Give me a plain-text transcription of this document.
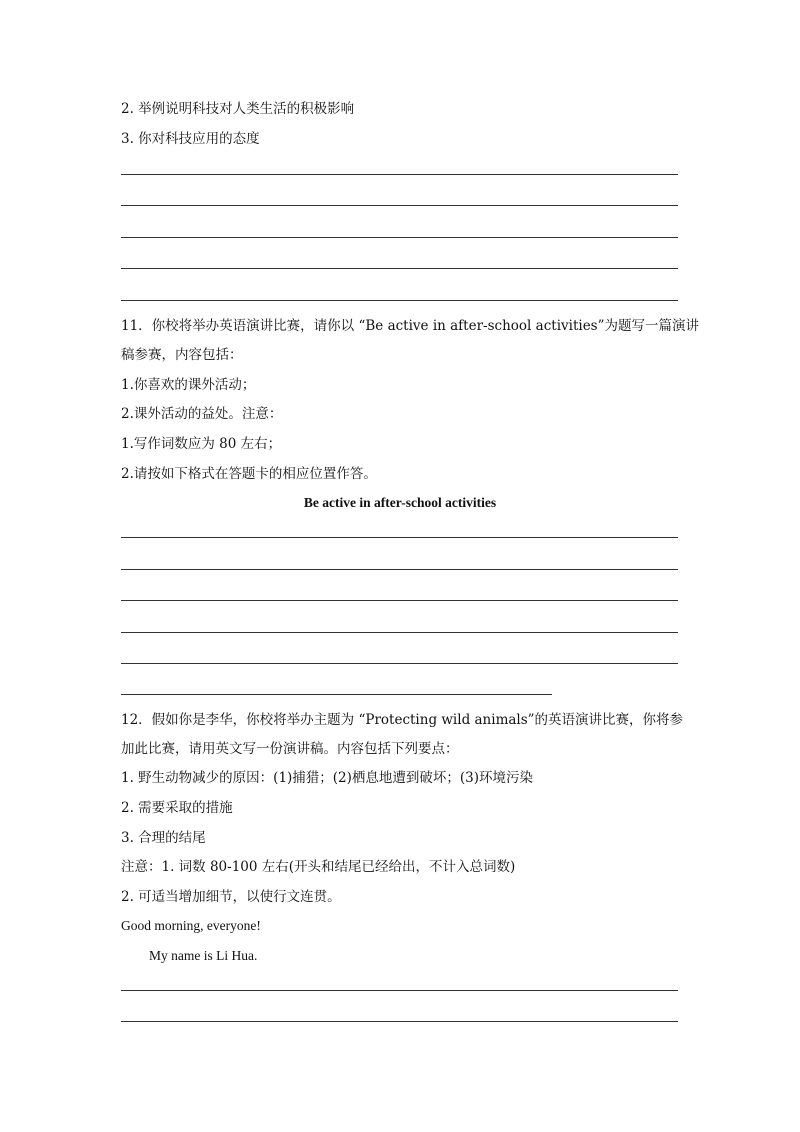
2. 举例说明科技对人类生活的积极影响
3. 你对科技应用的态度
11．你校将举办英语演讲比赛，请你以 “Be active in after-school activities”为题写一篇演讲
稿参赛，内容包括：
1.你喜欢的课外活动；
2.课外活动的益处。注意：
1.写作词数应为 80 左右；
2.请按如下格式在答题卡的相应位置作答。
Be active in after-school activities
12．假如你是李华，你校将举办主题为 “Protecting wild animals”的英语演讲比赛，你将参
加此比赛，请用英文写一份演讲稿。内容包括下列要点：
1. 野生动物减少的原因：(1)捕猎；(2)栖息地遭到破坏；(3)环境污染
2. 需要采取的措施
3. 合理的结尾
注意：1. 词数 80-100 左右(开头和结尾已经给出，不计入总词数)
2. 可适当增加细节，以使行文连贯。
Good morning, everyone!
My name is Li Hua.
